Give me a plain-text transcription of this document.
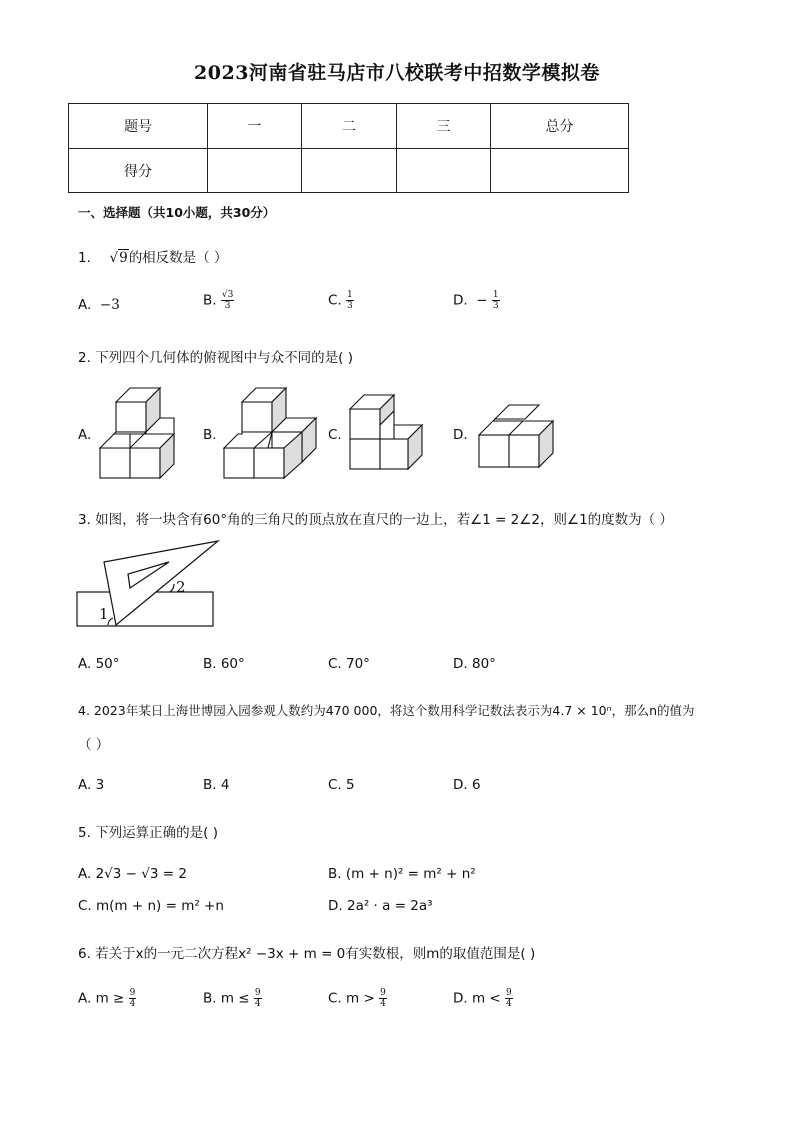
2023河南省驻马店市八校联考中招数学模拟卷
题号	一	二	三	总分
得分				
一、选择题（共10小题，共30分）
1. √9的相反数是（ ）
A. −3	B. $\frac{√3}{3}$	C. $\frac{1}{3}$	D. − $\frac{1}{3}$
2. 下列四个几何体的俯视图中与众不同的是( )
A.	B.	C.	D.
3. 如图，将一块含有60°角的三角尺的顶点放在直尺的一边上，若∠1 = 2∠2，则∠1的度数为（ ）
1
2
A. 50°	B. 60°	C. 70°	D. 80°
4. 2023年某日上海世博园入园参观人数约为470 000，将这个数用科学记数法表示为4.7 × 10ⁿ，那么n的值为
（ ）
A. 3	B. 4	C. 5	D. 6
5. 下列运算正确的是( )
A. 2√3 − √3 = 2	B. (m + n)² = m² + n²
C. m(m + n) = m² +n	D. 2a² · a = 2a³
6. 若关于x的一元二次方程x² −3x + m = 0有实数根，则m的取值范围是( )
A. $m \ge \frac{9}{4}$	B. $m \le \frac{9}{4}$	C. $m > \frac{9}{4}$	D. $m < \frac{9}{4}$
